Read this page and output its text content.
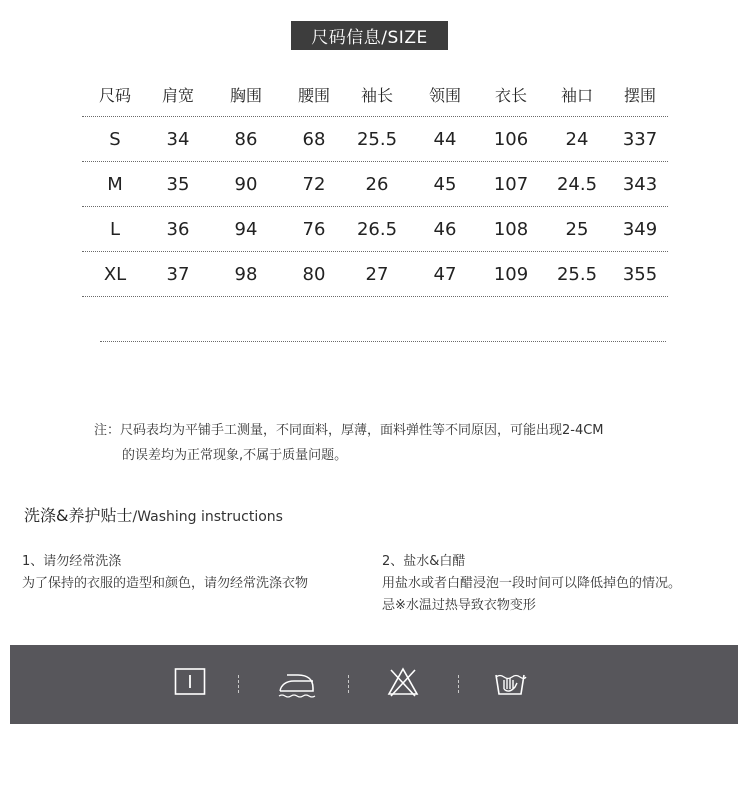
尺码信息/SIZE
尺码	肩宽	胸围	腰围	袖长	领围	衣长	袖口	摆围
S	34	86	68	25.5	44	106	24	337
M	35	90	72	26	45	107	24.5	343
L	36	94	76	26.5	46	108	25	349
XL	37	98	80	27	47	109	25.5	355
注：尺码表均为平铺手工测量，不同面料，厚薄，面料弹性等不同原因，可能出现2-4CM
的误差均为正常现象,不属于质量问题。
洗涤&养护贴士/Washing instructions
1、请勿经常洗涤
为了保持的衣服的造型和颜色，请勿经常洗涤衣物
2、盐水&白醋
用盐水或者白醋浸泡一段时间可以降低掉色的情况。
忌※水温过热导致衣物变形
